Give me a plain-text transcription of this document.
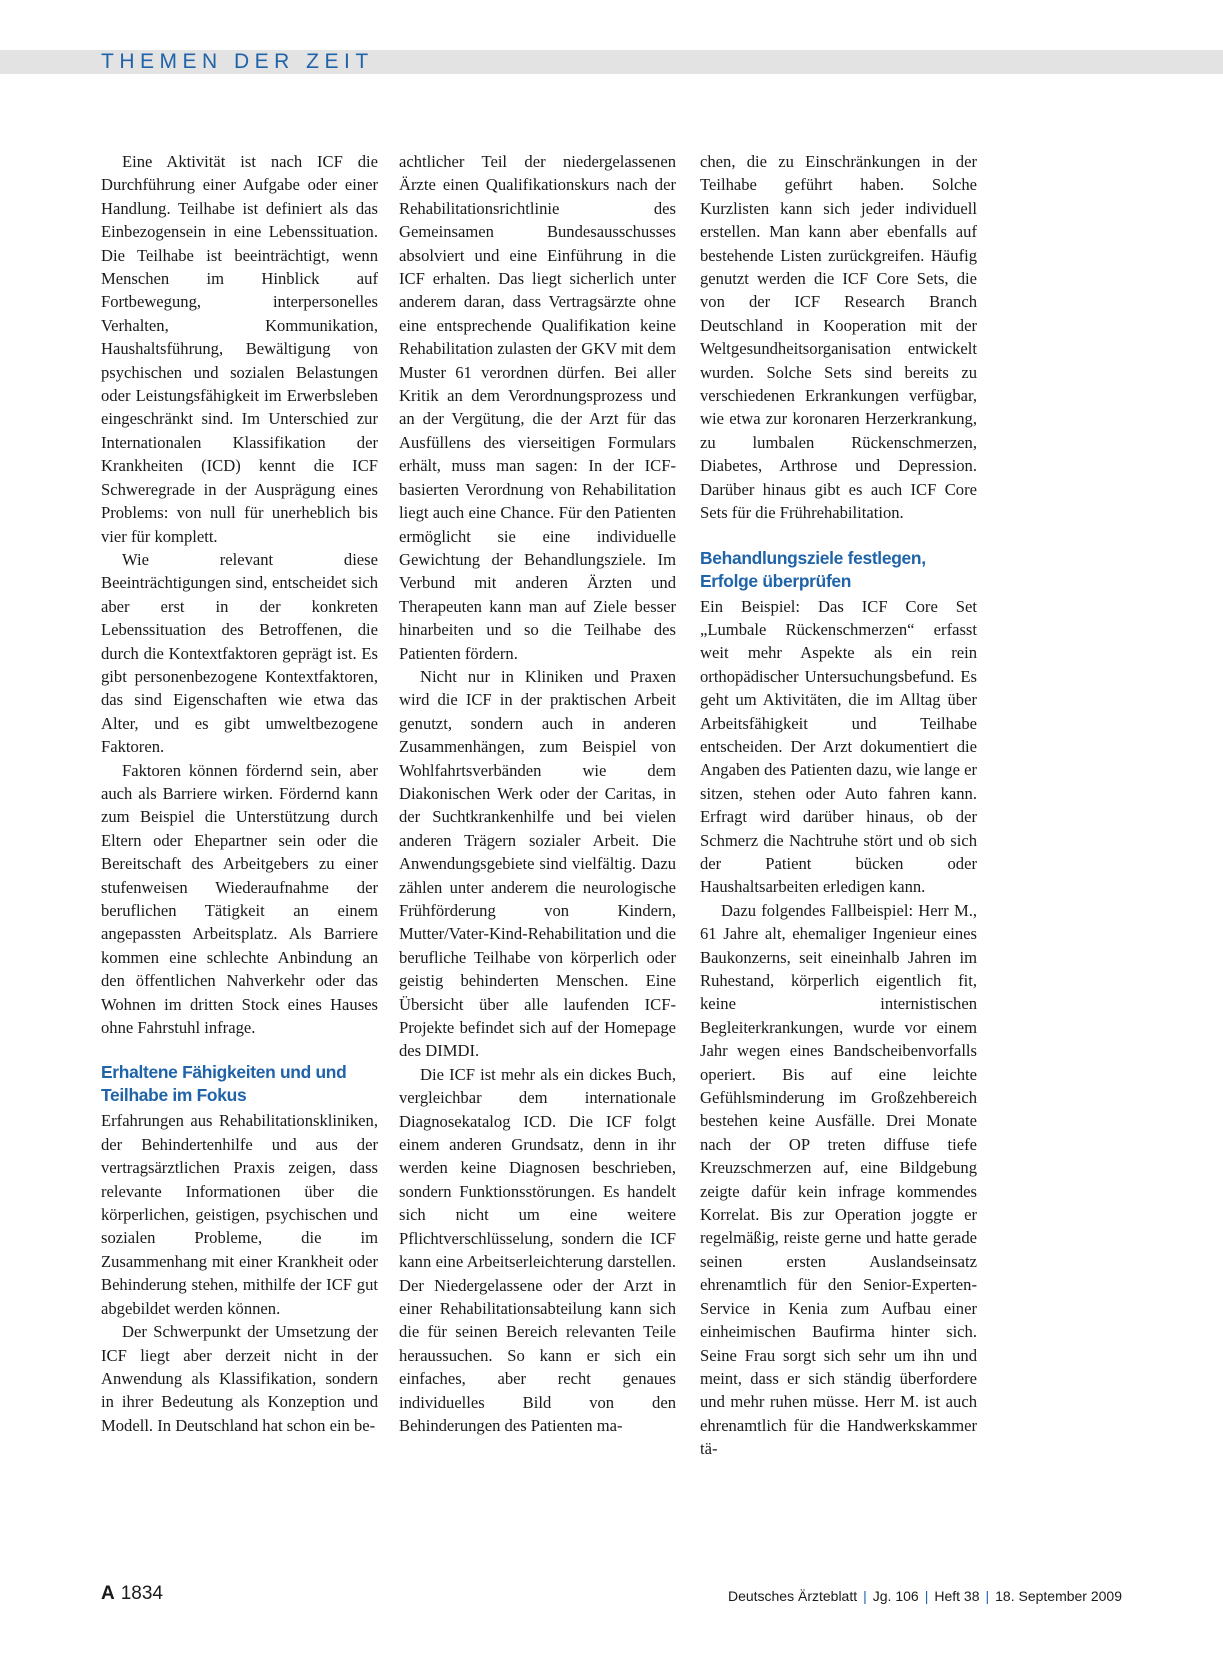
THEMEN DER ZEIT

Eine Aktivität ist nach ICF die Durchführung einer Aufgabe oder einer Handlung. Teilhabe ist definiert als das Einbezogensein in eine Lebenssituation. Die Teilhabe ist beeinträchtigt, wenn Menschen im Hinblick auf Fortbewegung, interpersonelles Verhalten, Kommunikation, Haushaltsführung, Bewältigung von psychischen und sozialen Belastungen oder Leistungsfähigkeit im Erwerbsleben eingeschränkt sind. Im Unterschied zur Internationalen Klassifikation der Krankheiten (ICD) kennt die ICF Schweregrade in der Ausprägung eines Problems: von null für unerheblich bis vier für komplett.

Wie relevant diese Beeinträchtigungen sind, entscheidet sich aber erst in der konkreten Lebenssituation des Betroffenen, die durch die Kontextfaktoren geprägt ist. Es gibt personenbezogene Kontextfaktoren, das sind Eigenschaften wie etwa das Alter, und es gibt umweltbezogene Faktoren.

Faktoren können fördernd sein, aber auch als Barriere wirken. Fördernd kann zum Beispiel die Unterstützung durch Eltern oder Ehepartner sein oder die Bereitschaft des Arbeitgebers zu einer stufenweisen Wiederaufnahme der beruflichen Tätigkeit an einem angepassten Arbeitsplatz. Als Barriere kommen eine schlechte Anbindung an den öffentlichen Nahverkehr oder das Wohnen im dritten Stock eines Hauses ohne Fahrstuhl infrage.

Erhaltene Fähigkeiten und und Teilhabe im Fokus

Erfahrungen aus Rehabilitationskliniken, der Behindertenhilfe und aus der vertragsärztlichen Praxis zeigen, dass relevante Informationen über die körperlichen, geistigen, psychischen und sozialen Probleme, die im Zusammenhang mit einer Krankheit oder Behinderung stehen, mithilfe der ICF gut abgebildet werden können.

Der Schwerpunkt der Umsetzung der ICF liegt aber derzeit nicht in der Anwendung als Klassifikation, sondern in ihrer Bedeutung als Konzeption und Modell. In Deutschland hat schon ein be-

achtlicher Teil der niedergelassenen Ärzte einen Qualifikationskurs nach der Rehabilitationsrichtlinie des Gemeinsamen Bundesausschusses absolviert und eine Einführung in die ICF erhalten. Das liegt sicherlich unter anderem daran, dass Vertragsärzte ohne eine entsprechende Qualifikation keine Rehabilitation zulasten der GKV mit dem Muster 61 verordnen dürfen. Bei aller Kritik an dem Verordnungsprozess und an der Vergütung, die der Arzt für das Ausfüllens des vierseitigen Formulars erhält, muss man sagen: In der ICF-basierten Verordnung von Rehabilitation liegt auch eine Chance. Für den Patienten ermöglicht sie eine individuelle Gewichtung der Behandlungsziele. Im Verbund mit anderen Ärzten und Therapeuten kann man auf Ziele besser hinarbeiten und so die Teilhabe des Patienten fördern.

Nicht nur in Kliniken und Praxen wird die ICF in der praktischen Arbeit genutzt, sondern auch in anderen Zusammenhängen, zum Beispiel von Wohlfahrtsverbänden wie dem Diakonischen Werk oder der Caritas, in der Suchtkrankenhilfe und bei vielen anderen Trägern sozialer Arbeit. Die Anwendungsgebiete sind vielfältig. Dazu zählen unter anderem die neurologische Frühförderung von Kindern, Mutter/Vater-Kind-Rehabilitation und die berufliche Teilhabe von körperlich oder geistig behinderten Menschen. Eine Übersicht über alle laufenden ICF-Projekte befindet sich auf der Homepage des DIMDI.

Die ICF ist mehr als ein dickes Buch, vergleichbar dem internationale Diagnosekatalog ICD. Die ICF folgt einem anderen Grundsatz, denn in ihr werden keine Diagnosen beschrieben, sondern Funktionsstörungen. Es handelt sich nicht um eine weitere Pflichtverschlüsselung, sondern die ICF kann eine Arbeitserleichterung darstellen. Der Niedergelassene oder der Arzt in einer Rehabilitationsabteilung kann sich die für seinen Bereich relevanten Teile heraussuchen. So kann er sich ein einfaches, aber recht genaues individuelles Bild von den Behinderungen des Patienten ma-

chen, die zu Einschränkungen in der Teilhabe geführt haben. Solche Kurzlisten kann sich jeder individuell erstellen. Man kann aber ebenfalls auf bestehende Listen zurückgreifen. Häufig genutzt werden die ICF Core Sets, die von der ICF Research Branch Deutschland in Kooperation mit der Weltgesundheitsorganisation entwickelt wurden. Solche Sets sind bereits zu verschiedenen Erkrankungen verfügbar, wie etwa zur koronaren Herzerkrankung, zu lumbalen Rückenschmerzen, Diabetes, Arthrose und Depression. Darüber hinaus gibt es auch ICF Core Sets für die Frührehabilitation.

Behandlungsziele festlegen, Erfolge überprüfen

Ein Beispiel: Das ICF Core Set „Lumbale Rückenschmerzen“ erfasst weit mehr Aspekte als ein rein orthopädischer Untersuchungsbefund. Es geht um Aktivitäten, die im Alltag über Arbeitsfähigkeit und Teilhabe entscheiden. Der Arzt dokumentiert die Angaben des Patienten dazu, wie lange er sitzen, stehen oder Auto fahren kann. Erfragt wird darüber hinaus, ob der Schmerz die Nachtruhe stört und ob sich der Patient bücken oder Haushaltsarbeiten erledigen kann.

Dazu folgendes Fallbeispiel: Herr M., 61 Jahre alt, ehemaliger Ingenieur eines Baukonzerns, seit eineinhalb Jahren im Ruhestand, körperlich eigentlich fit, keine internistischen Begleiterkrankungen, wurde vor einem Jahr wegen eines Bandscheibenvorfalls operiert. Bis auf eine leichte Gefühlsminderung im Großzehbereich bestehen keine Ausfälle. Drei Monate nach der OP treten diffuse tiefe Kreuzschmerzen auf, eine Bildgebung zeigte dafür kein infrage kommendes Korrelat. Bis zur Operation joggte er regelmäßig, reiste gerne und hatte gerade seinen ersten Auslandseinsatz ehrenamtlich für den Senior-Experten-Service in Kenia zum Aufbau einer einheimischen Baufirma hinter sich. Seine Frau sorgt sich sehr um ihn und meint, dass er sich ständig überfordere und mehr ruhen müsse. Herr M. ist auch ehrenamtlich für die Handwerkskammer tä-

A 1834	Deutsches Ärzteblatt | Jg. 106 | Heft 38 | 18. September 2009
